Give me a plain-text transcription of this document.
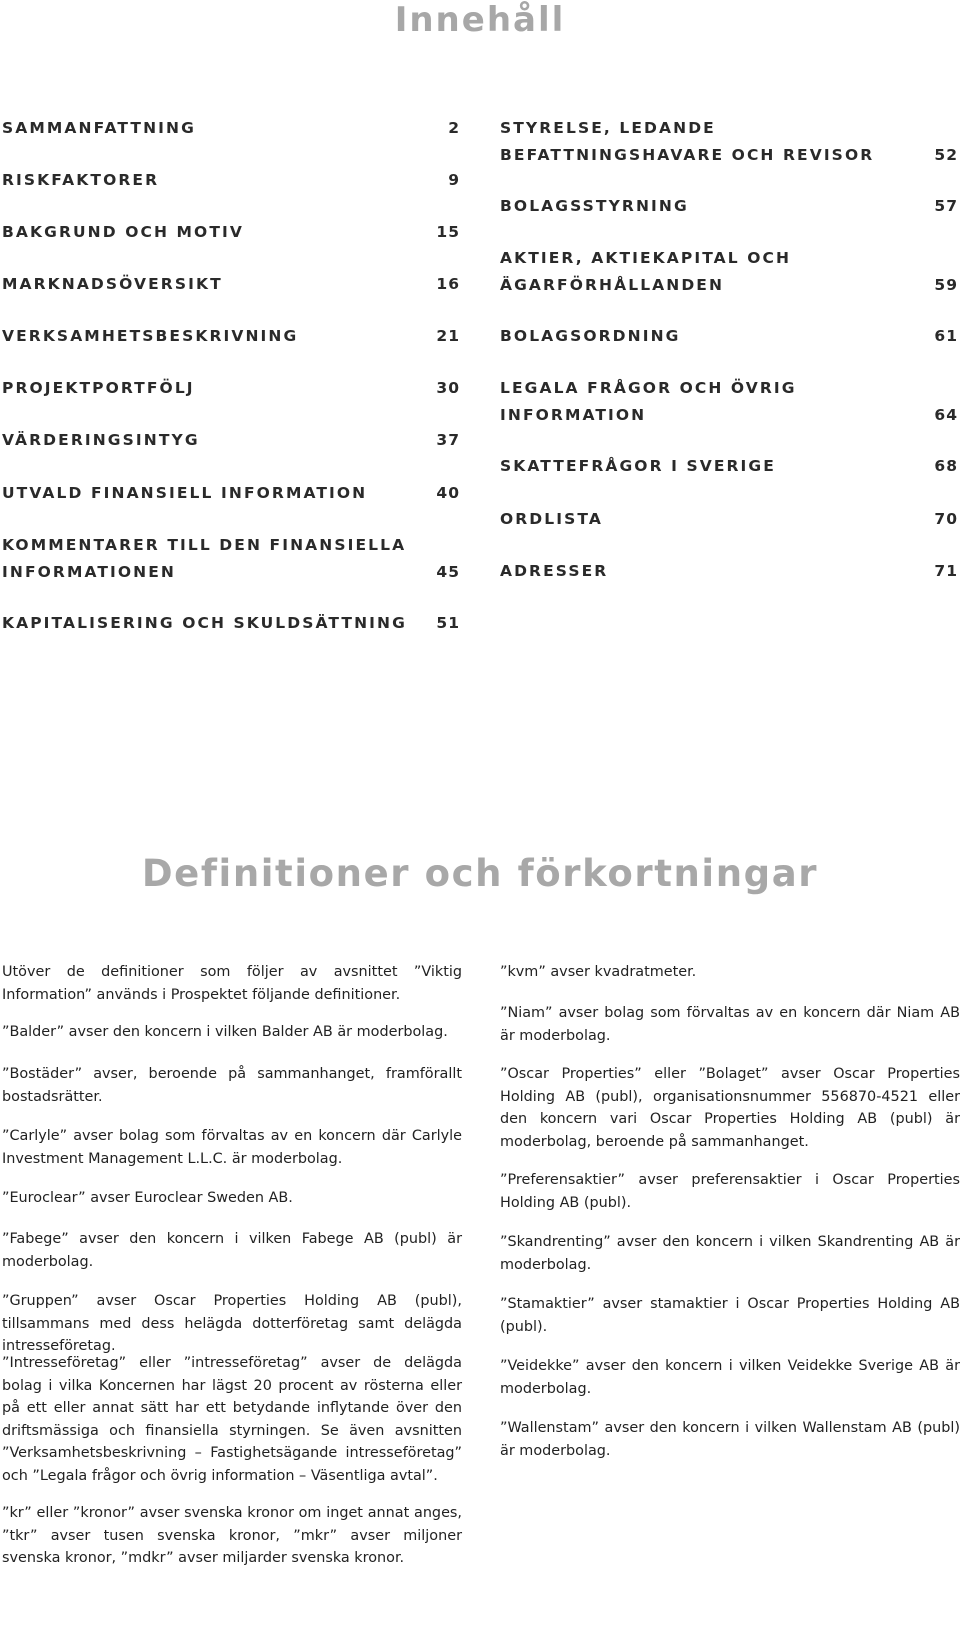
Innehåll
SAMMANFATTNING	2
RISKFAKTORER	9
BAKGRUND OCH MOTIV	15
MARKNADSÖVERSIKT	16
VERKSAMHETSBESKRIVNING	21
PROJEKTPORTFÖLJ	30
VÄRDERINGSINTYG	37
UTVALD FINANSIELL INFORMATION	40
KOMMENTARER TILL DEN FINANSIELLA INFORMATIONEN	45
KAPITALISERING OCH SKULDSÄTTNING	51
STYRELSE, LEDANDE BEFATTNINGSHAVARE OCH REVISOR	52
BOLAGSSTYRNING	57
AKTIER, AKTIEKAPITAL OCH ÄGARFÖRHÅLLANDEN	59
BOLAGSORDNING	61
LEGALA FRÅGOR OCH ÖVRIG INFORMATION	64
SKATTEFRÅGOR I SVERIGE	68
ORDLISTA	70
ADRESSER	71
Definitioner och förkortningar

Utöver de definitioner som följer av avsnittet ”Viktig Information” används i Prospektet följande definitioner.

”Balder” avser den koncern i vilken Balder AB är moderbolag.

”Bostäder” avser, beroende på sammanhanget, framförallt bostadsrätter.

”Carlyle” avser bolag som förvaltas av en koncern där Carlyle Investment Management L.L.C. är moderbolag.

”Euroclear” avser Euroclear Sweden AB.

”Fabege” avser den koncern i vilken Fabege AB (publ) är moderbolag.

”Gruppen” avser Oscar Properties Holding AB (publ), tillsammans med dess helägda dotterföretag samt delägda intresseföretag.

”Intresseföretag” eller ”intresseföretag” avser de delägda bolag i vilka Koncernen har lägst 20 procent av rösterna eller på ett eller annat sätt har ett betydande inflytande över den driftsmässiga och finansiella styrningen. Se även avsnitten ”Verksamhetsbeskrivning – Fastighetsägande intresseföretag” och ”Legala frågor och övrig information – Väsentliga avtal”.

”kr” eller ”kronor” avser svenska kronor om inget annat anges, ”tkr” avser tusen svenska kronor, ”mkr” avser miljoner svenska kronor, ”mdkr” avser miljarder svenska kronor.

”kvm” avser kvadratmeter.

”Niam” avser bolag som förvaltas av en koncern där Niam AB är moderbolag.

”Oscar Properties” eller ”Bolaget” avser Oscar Properties Holding AB (publ), organisationsnummer 556870-4521 eller den koncern vari Oscar Properties Holding AB (publ) är moderbolag, beroende på sammanhanget.

”Preferensaktier” avser preferensaktier i Oscar Properties Holding AB (publ).

”Skandrenting” avser den koncern i vilken Skandrenting AB är moderbolag.

”Stamaktier” avser stamaktier i Oscar Properties Holding AB (publ).

”Veidekke” avser den koncern i vilken Veidekke Sverige AB är moderbolag.

”Wallenstam” avser den koncern i vilken Wallenstam AB (publ) är moderbolag.
